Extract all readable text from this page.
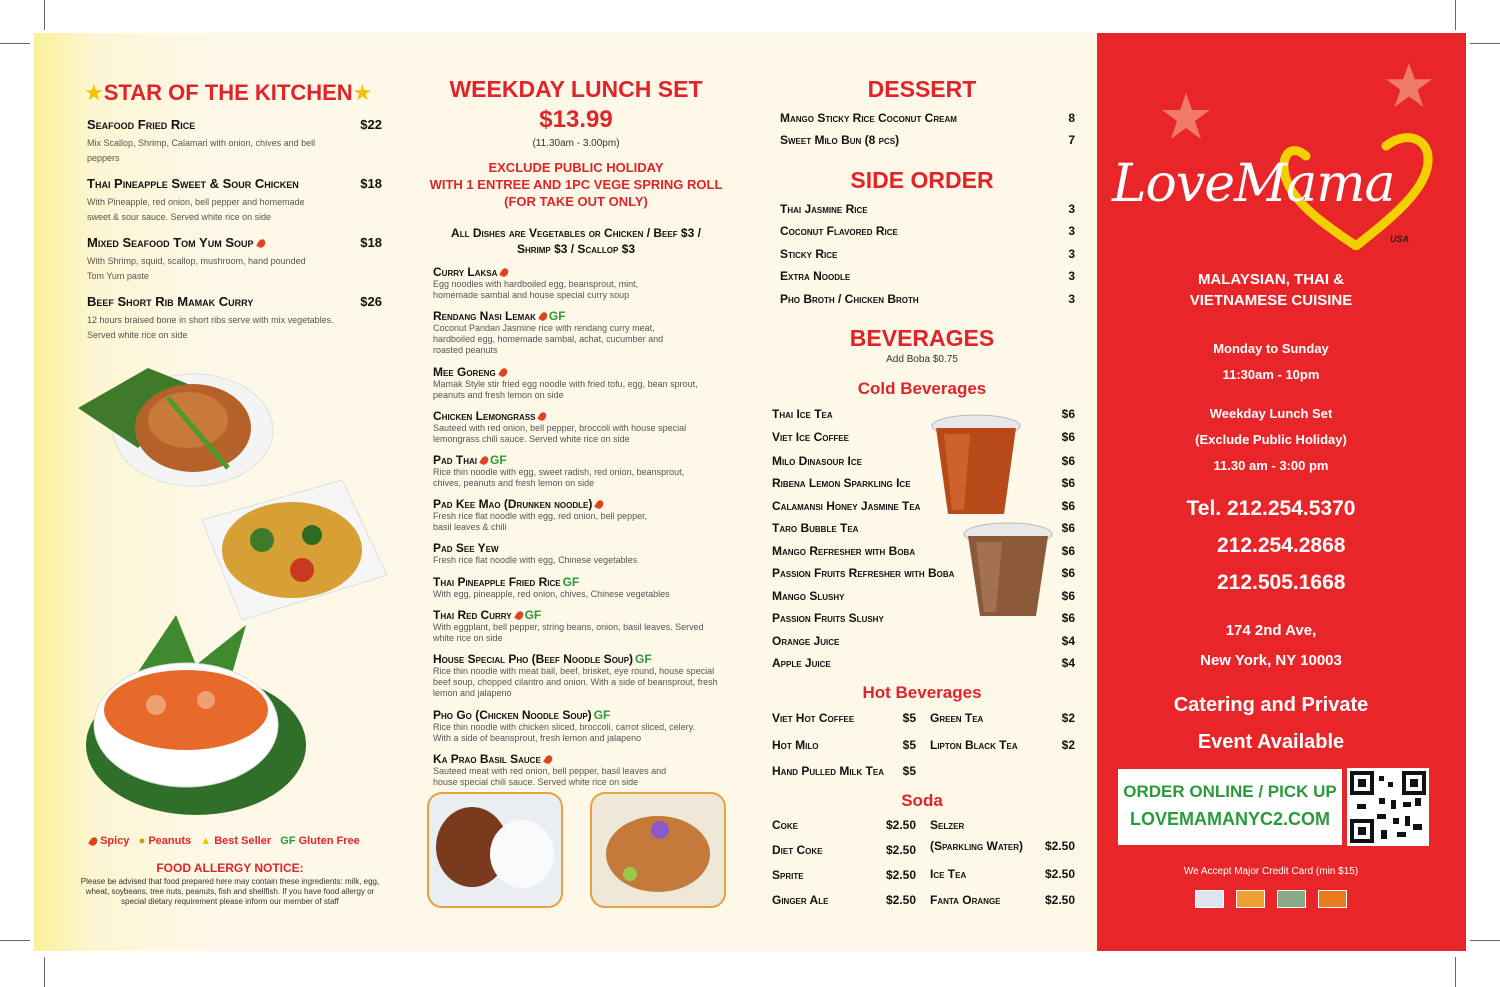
★STAR OF THE KITCHEN★
Seafood Fried Rice	$22
Mix Scallop, Shrimp, Calamari with onion, chives and bell peppers
Thai Pineapple Sweet & Sour Chicken	$18
With Pineapple, red onion, bell pepper and homemade sweet & sour sauce. Served white rice on side
Mixed Seafood Tom Yum Soup	$18
With Shrimp, squid, scallop, mushroom, hand pounded Tom Yum paste
Beef Short Rib Mamak Curry	$26
12 hours braised bone in short ribs serve with mix vegetables. Served white rice on side
Spicy ● Peanuts ▲ Best Seller GF Gluten Free
FOOD ALLERGY NOTICE:
Please be advised that food prepared here may contain these ingredients: milk, egg, wheat, soybeans, tree nuts, peanuts, fish and shellfish. If you have food allergy or special dietary requirement please inform our member of staff
WEEKDAY LUNCH SET
$13.99
(11.30am - 3.00pm)
EXCLUDE PUBLIC HOLIDAY
WITH 1 ENTREE AND 1PC VEGE SPRING ROLL
(FOR TAKE OUT ONLY)
All Dishes are Vegetables or Chicken / Beef $3 /
Shrimp $3 / Scallop $3
Curry Laksa
Egg noodles with hardboiled egg, beansprout, mint, homemade sambal and house special curry soup
Rendang Nasi Lemak GF
Coconut Pandan Jasmine rice with rendang curry meat, hardboiled egg, homemade sambal, achat, cucumber and roasted peanuts
Mee Goreng
Mamak Style stir fried egg noodle with fried tofu, egg, bean sprout, peanuts and fresh lemon on side
Chicken Lemongrass
Sauteed with red onion, bell pepper, broccoli with house special lemongrass chili sauce. Served white rice on side
Pad Thai GF
Rice thin noodle with egg, sweet radish, red onion, beansprout, chives, peanuts and fresh lemon on side
Pad Kee Mao (Drunken noodle)
Fresh rice flat noodle with egg, red onion, bell pepper, basil leaves & chili
Pad See Yew
Fresh rice flat noodle with egg, Chinese vegetables
Thai Pineapple Fried Rice GF
With egg, pineapple, red onion, chives, Chinese vegetables
Thai Red Curry GF
With eggplant, bell pepper, string beans, onion, basil leaves. Served white rice on side
House Special Pho (Beef Noodle Soup) GF
Rice thin noodle with meat ball, beef, brisket, eye round, house special beef soup, chopped cilantro and onion. With a side of beansprout, fresh lemon and jalapeno
Pho Go (Chicken Noodle Soup) GF
Rice thin noodle with chicken sliced, broccoli, carrot sliced, celery. With a side of beansprout, fresh lemon and jalapeno
Ka Prao Basil Sauce
Sauteed meat with red onion, bell pepper, basil leaves and house special chili sauce. Served white rice on side
DESSERT
Mango Sticky Rice Coconut Cream	8
Sweet Milo Bun (8 pcs)	7
SIDE ORDER
Thai Jasmine Rice	3
Coconut Flavored Rice	3
Sticky Rice	3
Extra Noodle	3
Pho Broth / Chicken Broth	3
BEVERAGES
Add Boba $0.75
Cold Beverages
Thai Ice Tea	$6
Viet Ice Coffee	$6
Milo Dinasour Ice	$6
Ribena Lemon Sparkling Ice	$6
Calamansi Honey Jasmine Tea	$6
Taro Bubble Tea	$6
Mango Refresher with Boba	$6
Passion Fruits Refresher with Boba	$6
Mango Slushy	$6
Passion Fruits Slushy	$6
Orange Juice	$4
Apple Juice	$4
Hot Beverages
Viet Hot Coffee	$5
Hot Milo	$5
Hand Pulled Milk Tea	$5
Green Tea	$2
Lipton Black Tea	$2
Soda
Coke	$2.50
Diet Coke	$2.50
Sprite	$2.50
Ginger Ale	$2.50
Selzer
(Sparkling Water)	$2.50
Ice Tea	$2.50
Fanta Orange	$2.50
LoveMama
USA
MALAYSIAN, THAI &
VIETNAMESE CUISINE
Monday to Sunday
11:30am - 10pm
Weekday Lunch Set
(Exclude Public Holiday)
11.30 am - 3:00 pm
Tel. 212.254.5370
212.254.2868
212.505.1668
174 2nd Ave,
New York, NY 10003
Catering and Private
Event Available
ORDER ONLINE / PICK UP
LOVEMAMANYC2.COM
We Accept Major Credit Card (min $15)
